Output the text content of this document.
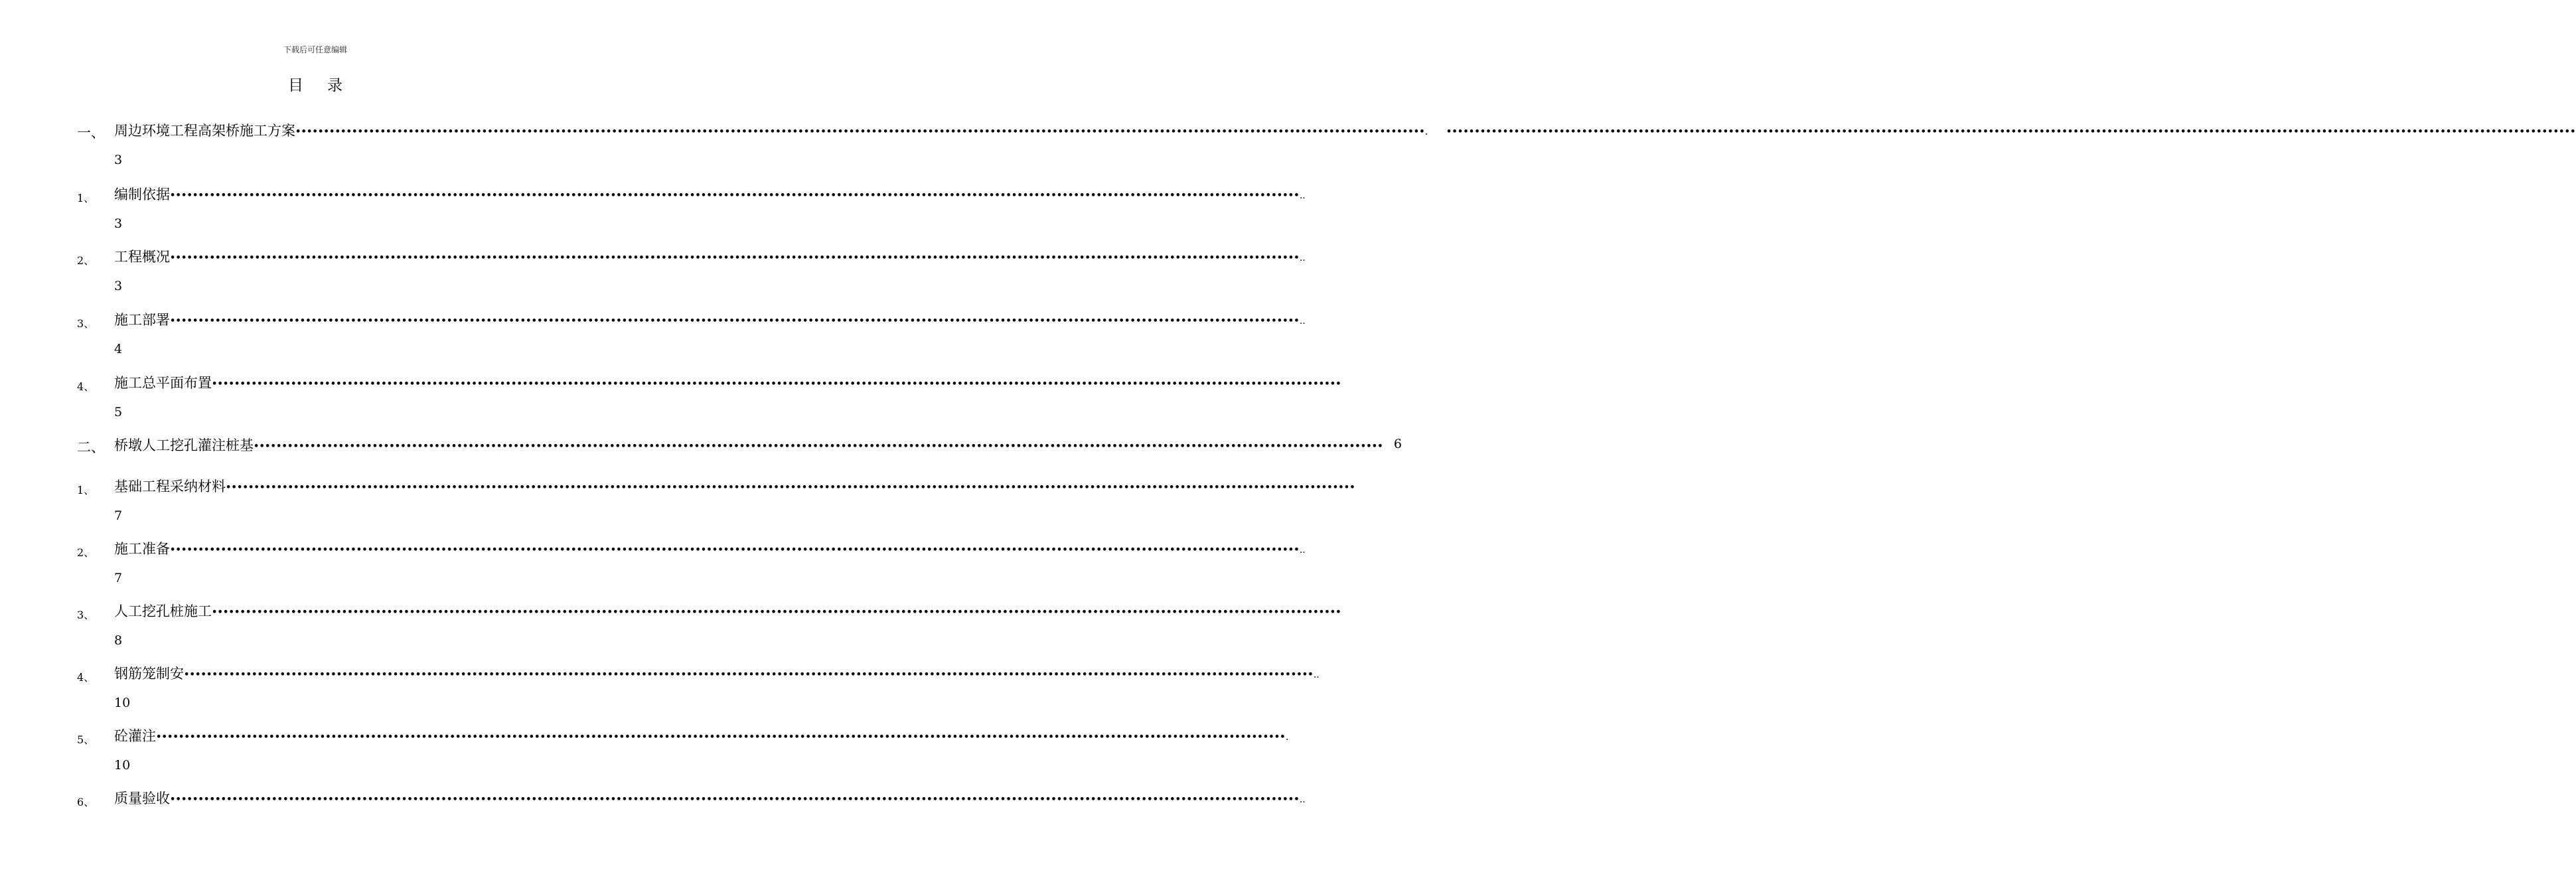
下载后可任意编辑
目 录
一、 周边环境工程高架桥施工方案 •••••••••••••••••••••••••••••••••••••••••••••••••••••••••••••••••••••••••••••••••••••••••••••••••••••••••••••••••••••••••••••••••••••••••••••••••••••••••••••••••••••••••••••••••••••••••••••••••••••••• ．	••••••••••••••••••••••••••••••••••••••••••••••••••••••••••••••••••••••••••••••••••••••••••••••••••••••••••••••••••••••••••••••••••••••••••••••••••••••••••••••••••••••••••••••••••••••••••••••••••••••••
3
1、 编制依据 •••••••••••••••••••••••••••••••••••••••••••••••••••••••••••••••••••••••••••••••••••••••••••••••••••••••••••••••••••••••••••••••••••••••••••••••••••••••••••••••••••••••••••••••••••••••••••••••••••••••• ..
3
2、 工程概况 •••••••••••••••••••••••••••••••••••••••••••••••••••••••••••••••••••••••••••••••••••••••••••••••••••••••••••••••••••••••••••••••••••••••••••••••••••••••••••••••••••••••••••••••••••••••••••••••••••••••• ..
3
3、 施工部署 •••••••••••••••••••••••••••••••••••••••••••••••••••••••••••••••••••••••••••••••••••••••••••••••••••••••••••••••••••••••••••••••••••••••••••••••••••••••••••••••••••••••••••••••••••••••••••••••••••••••• ..
4
4、 施工总平面布置 ••••••••••••••••••••••••••••••••••••••••••••••••••••••••••••••••••••••••••••••••••••••••••••••••••••••••••••••••••••••••••••••••••••••••••••••••••••••••••••••••••••••••••••••••••••••••••••••••••••••••
5
二、 桥墩人工挖孔灌注桩基 •••••••••••••••••••••••••••••••••••••••••••••••••••••••••••••••••••••••••••••••••••••••••••••••••••••••••••••••••••••••••••••••••••••••••••••••••••••••••••••••••••••••••••••••••••••••••••••••••••••••• 6
1、 基础工程采纳材料 ••••••••••••••••••••••••••••••••••••••••••••••••••••••••••••••••••••••••••••••••••••••••••••••••••••••••••••••••••••••••••••••••••••••••••••••••••••••••••••••••••••••••••••••••••••••••••••••••••••••••
7
2、 施工准备 •••••••••••••••••••••••••••••••••••••••••••••••••••••••••••••••••••••••••••••••••••••••••••••••••••••••••••••••••••••••••••••••••••••••••••••••••••••••••••••••••••••••••••••••••••••••••••••••••••••••• ..
7
3、 人工挖孔桩施工 ••••••••••••••••••••••••••••••••••••••••••••••••••••••••••••••••••••••••••••••••••••••••••••••••••••••••••••••••••••••••••••••••••••••••••••••••••••••••••••••••••••••••••••••••••••••••••••••••••••••••
8
4、 钢筋笼制安 •••••••••••••••••••••••••••••••••••••••••••••••••••••••••••••••••••••••••••••••••••••••••••••••••••••••••••••••••••••••••••••••••••••••••••••••••••••••••••••••••••••••••••••••••••••••••••••••••••••••• ..
10
5、 砼灌注 •••••••••••••••••••••••••••••••••••••••••••••••••••••••••••••••••••••••••••••••••••••••••••••••••••••••••••••••••••••••••••••••••••••••••••••••••••••••••••••••••••••••••••••••••••••••••••••••••••••••• .
10
6、 质量验收 •••••••••••••••••••••••••••••••••••••••••••••••••••••••••••••••••••••••••••••••••••••••••••••••••••••••••••••••••••••••••••••••••••••••••••••••••••••••••••••••••••••••••••••••••••••••••••••••••••••••• ..
